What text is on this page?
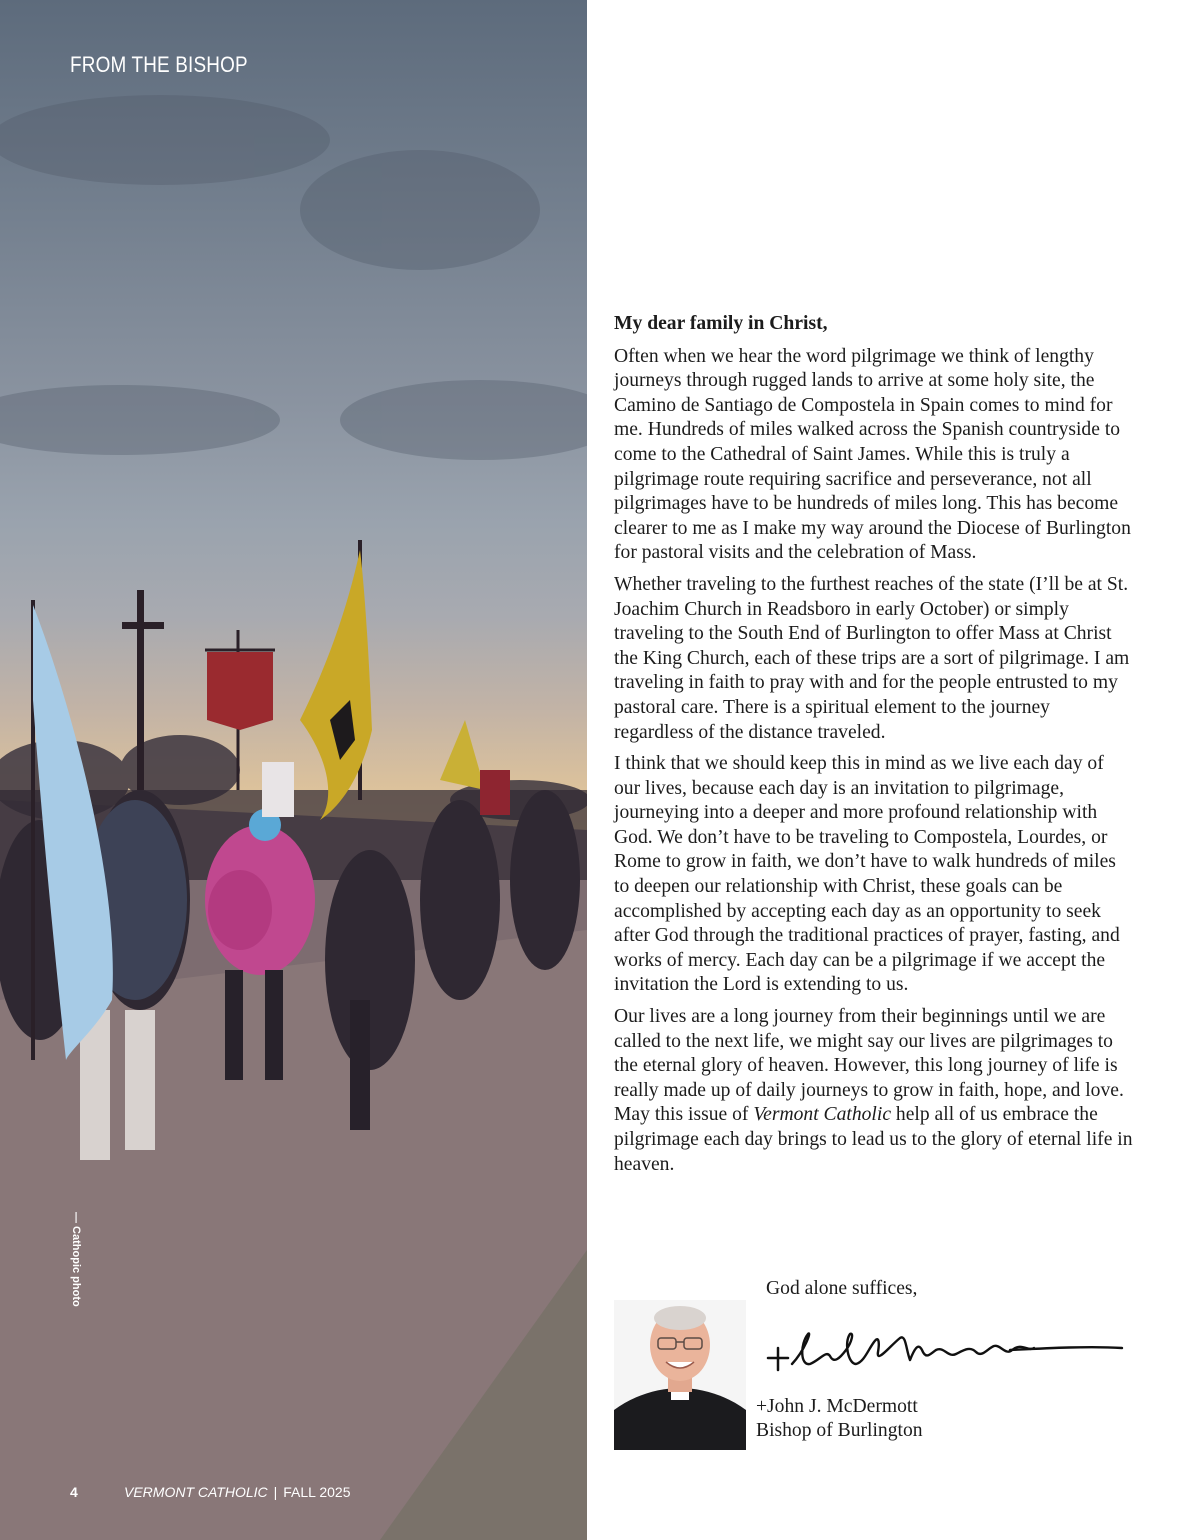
FROM THE BISHOP
— Cathopic photo
4	VERMONT CATHOLIC | FALL 2025
My dear family in Christ,

Often when we hear the word pilgrimage we think of lengthy journeys through rugged lands to arrive at some holy site, the Camino de Santiago de Compostela in Spain comes to mind for me. Hundreds of miles walked across the Spanish countryside to come to the Cathedral of Saint James. While this is truly a pilgrimage route requiring sacrifice and perseverance, not all pilgrimages have to be hundreds of miles long. This has become clearer to me as I make my way around the Diocese of Burlington for pastoral visits and the celebration of Mass.

Whether traveling to the furthest reaches of the state (I’ll be at St. Joachim Church in Readsboro in early October) or simply traveling to the South End of Burlington to offer Mass at Christ the King Church, each of these trips are a sort of pilgrimage. I am traveling in faith to pray with and for the people entrusted to my pastoral care. There is a spiritual element to the journey regardless of the distance traveled.

I think that we should keep this in mind as we live each day of our lives, because each day is an invitation to pilgrimage, journeying into a deeper and more profound relationship with God. We don’t have to be traveling to Compostela, Lourdes, or Rome to grow in faith, we don’t have to walk hundreds of miles to deepen our relationship with Christ, these goals can be accomplished by accepting each day as an opportunity to seek after God through the traditional practices of prayer, fasting, and works of mercy. Each day can be a pilgrimage if we accept the invitation the Lord is extending to us.

Our lives are a long journey from their beginnings until we are called to the next life, we might say our lives are pilgrimages to the eternal glory of heaven. However, this long journey of life is really made up of daily journeys to grow in faith, hope, and love. May this issue of Vermont Catholic help all of us embrace the pilgrimage each day brings to lead us to the glory of eternal life in heaven.

God alone suffices,
+John J. McDermott
Bishop of Burlington
